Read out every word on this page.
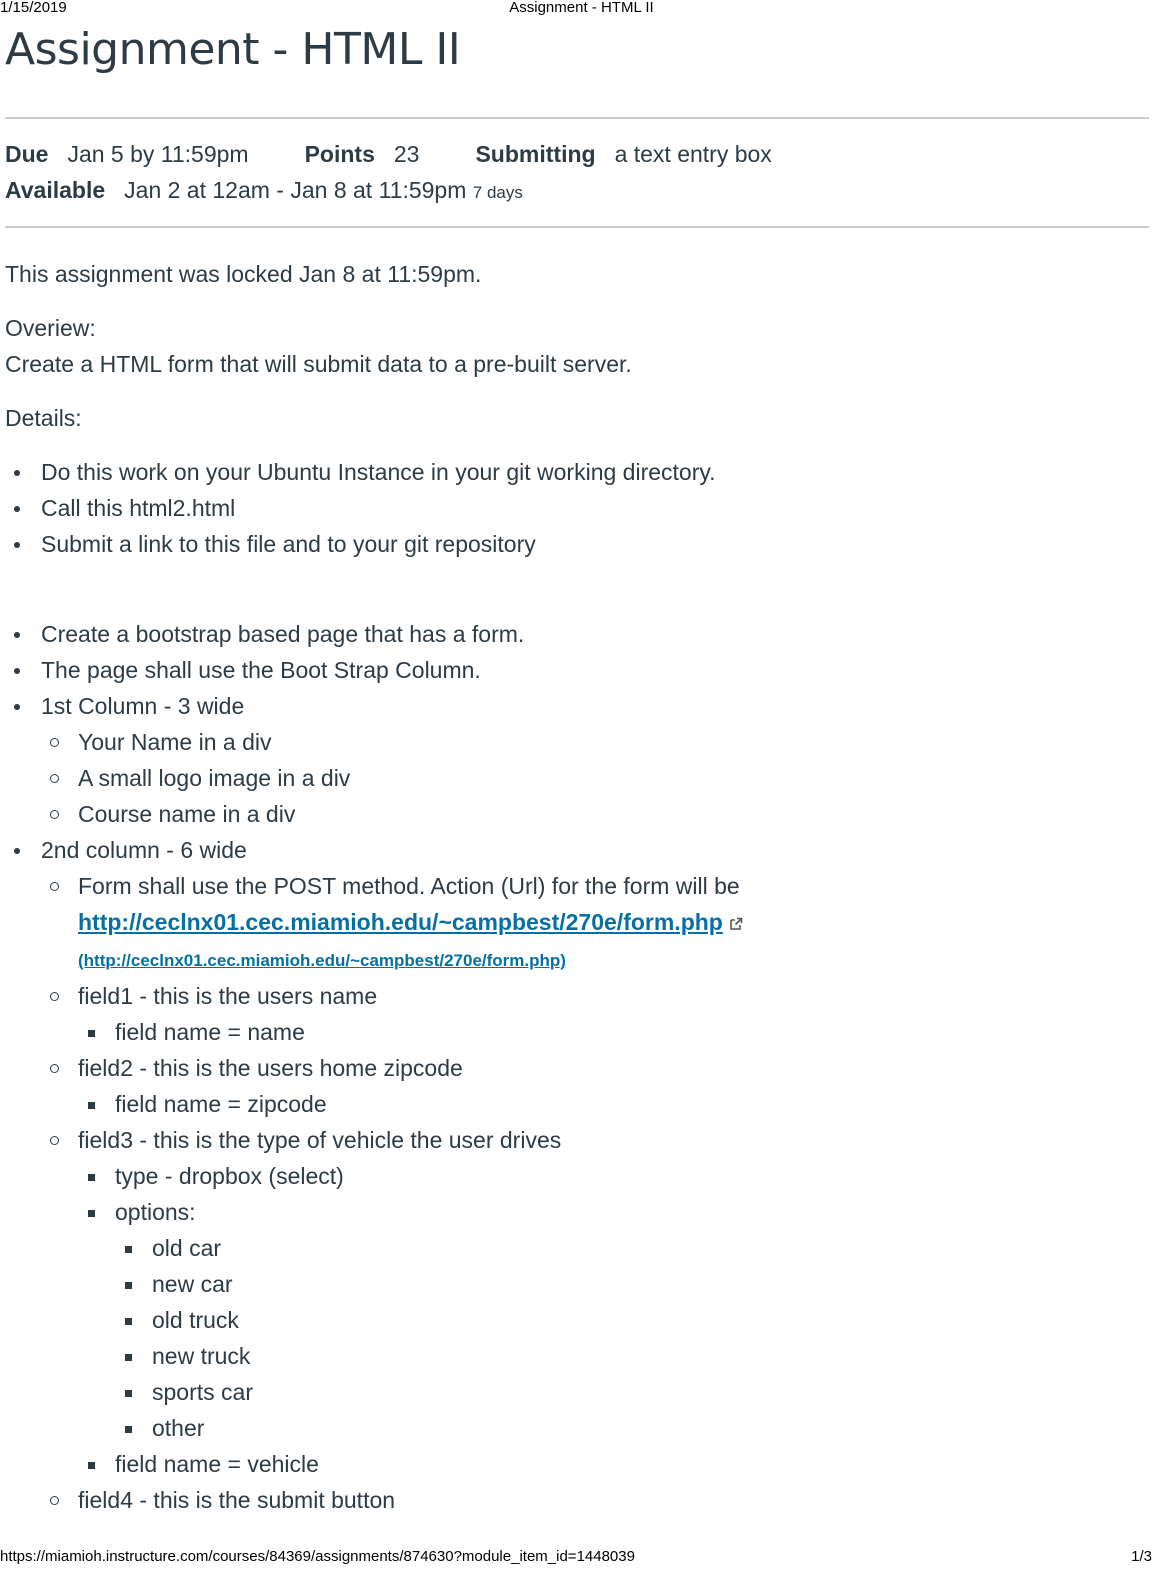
1/15/2019	Assignment - HTML II
Assignment - HTML II
Due Jan 5 by 11:59pm Points 23 Submitting a text entry box
Available Jan 2 at 12am - Jan 8 at 11:59pm 7 days

This assignment was locked Jan 8 at 11:59pm.

Overiew:
Create a HTML form that will submit data to a pre-built server.

Details:

Do this work on your Ubuntu Instance in your git working directory.
Call this html2.html
Submit a link to this file and to your git repository
Create a bootstrap based page that has a form.
The page shall use the Boot Strap Column.
1st Column - 3 wide
Your Name in a div
A small logo image in a div
Course name in a div
2nd column - 6 wide
Form shall use the POST method. Action (Url) for the form will be
http://ceclnx01.cec.miamioh.edu/~campbest/270e/form.php
(http://ceclnx01.cec.miamioh.edu/~campbest/270e/form.php)
field1 - this is the users name
field name = name
field2 - this is the users home zipcode
field name = zipcode
field3 - this is the type of vehicle the user drives
type - dropbox (select)
options:
old car
new car
old truck
new truck
sports car
other
field name = vehicle
field4 - this is the submit button
https://miamioh.instructure.com/courses/84369/assignments/874630?module_item_id=1448039	1/3
